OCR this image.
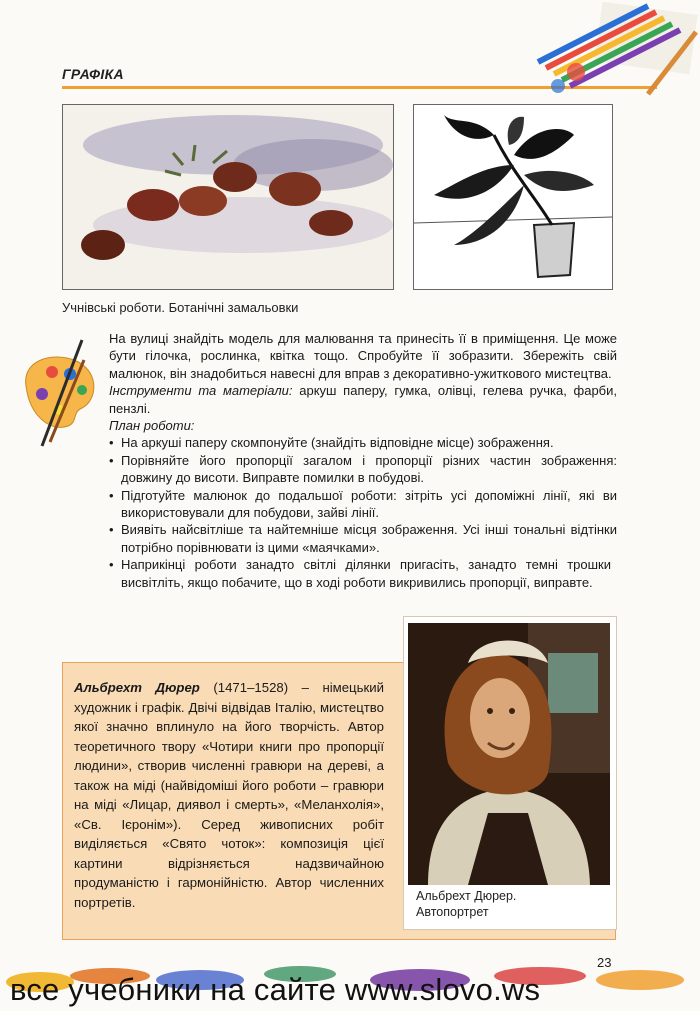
ГРАФІКА
Учнівські роботи. Ботанічні замальовки

На вулиці знайдіть модель для малювання та принесіть її в приміщення. Це може бути гілочка, рослинка, квітка тощо. Спробуйте її зобразити. Збережіть свій малюнок, він знадобиться навесні для вправ з декоративно-ужиткового мистецтва.

Інструменти та матеріали: аркуш паперу, гумка, олівці, гелева ручка, фарби, пензлі.

План роботи:

• На аркуші паперу скомпонуйте (знайдіть відповідне місце) зображення.
• Порівняйте його пропорції загалом і пропорції різних частин зображення: довжину до висоти. Виправте помилки в побудові.
• Підготуйте малюнок до подальшої роботи: зітріть усі допоміжні лінії, які ви використовували для побудови, зайві лінії.
• Виявіть найсвітліше та найтемніше місця зображення. Усі інші тональні відтінки потрібно порівнювати із цими «маячками».
• Наприкінці роботи занадто світлі ділянки пригасіть, занадто темні трошки висвітліть, якщо побачите, що в ході роботи викривились пропорції, виправте.
Альбрехт Дюрер (1471–1528) – німецький художник і графік. Двічі відвідав Італію, мистецтво якої значно вплинуло на його творчість. Автор теоретичного твору «Чотири книги про пропорції людини», створив численні гравюри на дереві, а також на міді (найвідоміші його роботи – гравюри на міді «Лицар, диявол і смерть», «Меланхолія», «Св. Ієронім»). Серед живописних робіт виділяється «Свято чоток»: композиція цієї картини відрізняється надзвичайною продуманістю і гармонійністю. Автор численних портретів.	Альбрехт Дюрер.
Автопортрет
23
все учебники на сайте www.slovo.ws
